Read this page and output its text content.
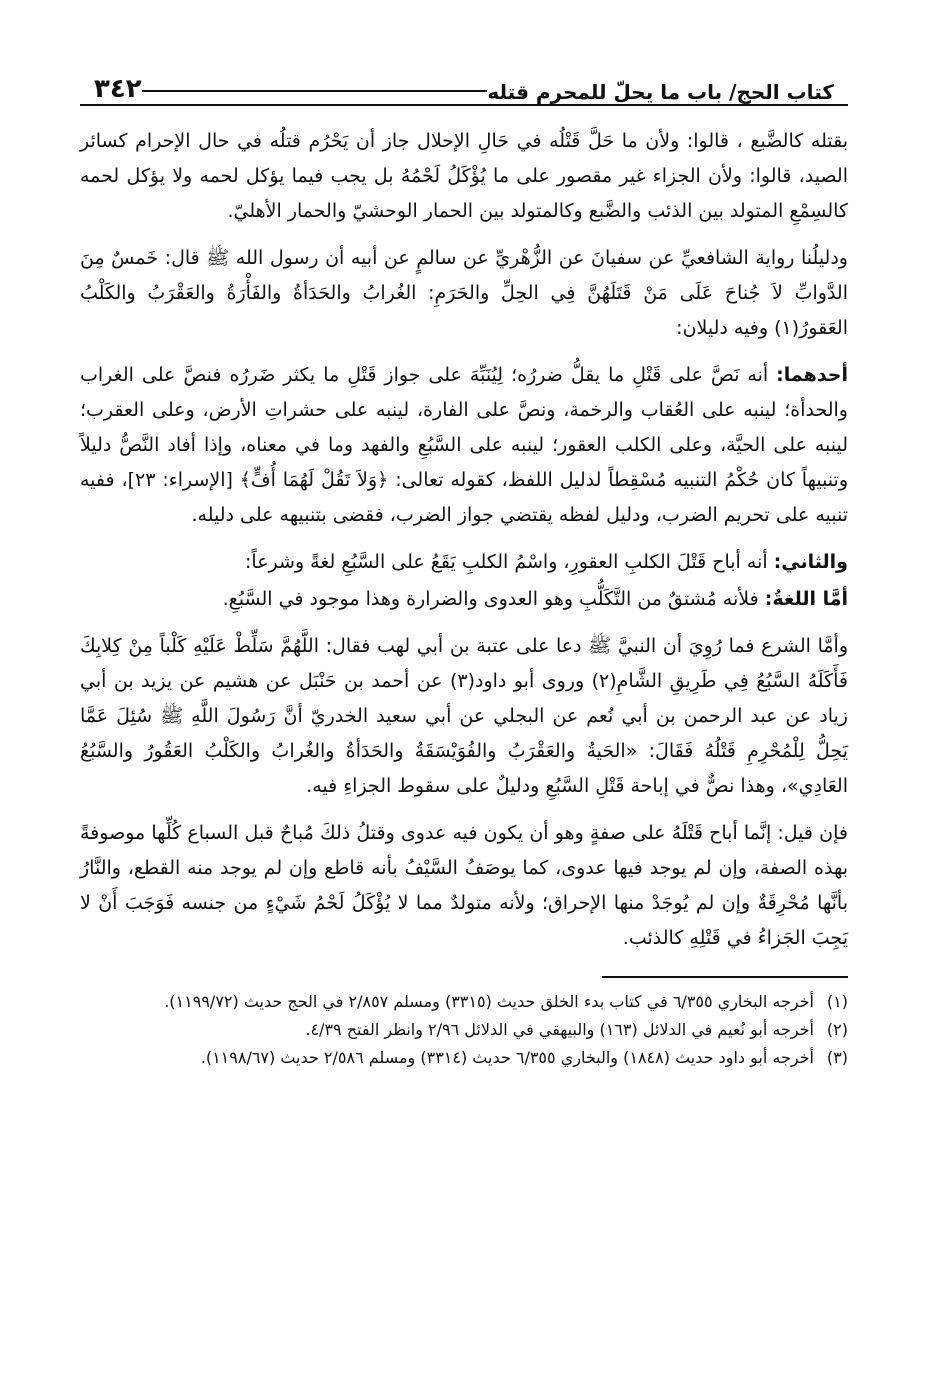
كتاب الحج/ باب ما يحلّ للمحرم قتله
٣٤٢

بقتله كالضَّبع ، قالوا: ولأن ما حَلَّ قَتْلُه في حَالِ الإحلال جاز أن يَحْرُم قتلُه في حال الإحرام كسائر الصيد، قالوا: ولأن الجزاء غير مقصور على ما يُؤْكَلُ لَحْمُهُ بل يجب فيما يؤكل لحمه ولا يؤكل لحمه كالسِمْعِ المتولد بين الذئب والضَّبع وكالمتولد بين الحمار الوحشيّ والحمار الأهليّ.

ودليلُنا رواية الشافعيِّ عن سفيانَ عن الزُّهْريِّ عن سالمٍ عن أبيه أن رسول الله ﷺ قال: خَمسٌ مِنَ الدَّوابِّ لاَ جُناحَ عَلَى مَنْ قَتَلَهُنَّ فِي الحِلِّ والحَرَمِ: الغُرابُ والحَدَأةُ والفَأْرَةُ والعَقْرَبُ والكَلْبُ العَقورُ(١) وفيه دليلان:

أحدهما: أنه نَصَّ على قَتْلِ ما يقلُّ ضررُه؛ لِيُنَبِّهَ على جواز قَتْلِ ما يكثر ضَررُه فنصَّ على الغراب والحدأة؛ لينبه على العُقاب والرخمة، ونصَّ على الفارة، لينبه على حشراتِ الأرض، وعلى العقرب؛ لينبه على الحيَّة، وعلى الكلب العقور؛ لينبه على السَّبُعِ والفهد وما في معناه، وإذا أفاد النَّصُّ دليلاً وتنبيهاً كان حُكْمُ التنبيه مُسْقِطاً لدليل اللفظ، كقوله تعالى: ﴿وَلاَ تَقُلْ لَهُمَا أُفٍّ﴾ [الإسراء: ٢٣]، ففيه تنبيه على تحريم الضرب، ودليل لفظه يقتضي جواز الضرب، فقضى بتنبيهه على دليله.

والثاني: أنه أباح قَتْلَ الكلبِ العقورِ، واسْمُ الكلبِ يَقَعُ على السَّبُعِ لغةً وشرعاً:

أمَّا اللغةُ: فلأنه مُشتقٌ من التَّكَلُّبِ وهو العدوى والضرارة وهذا موجود في السَّبُعِ.

وأمَّا الشرع فما رُوِيَ أن النبيَّ ﷺ دعا على عتبة بن أبي لهب فقال: اللَّهُمَّ سَلِّطْ عَلَيْهِ كَلْباً مِنْ كِلابِكَ فَأَكَلَهُ السَّبُعُ فِي طَرِيقِ الشَّامِ(٢) وروى أبو داود(٣) عن أحمد بن حَنْبَل عن هشيم عن يزيد بن أبي زياد عن عبد الرحمن بن أبي نُعم عن البجلي عن أبي سعيد الخدريّ أنَّ رَسُولَ اللَّهِ ﷺ سُئِلَ عَمَّا يَحِلُّ لِلْمُحْرِمِ قَتْلُهُ فَقَالَ: «الحَيةُ والعَقْرَبُ والفُوَيْسَقَةُ والحَدَأةُ والغُرابُ والكَلْبُ العَقُورُ والسَّبُعُ العَادِي»، وهذا نصٌّ في إباحة قَتْلِ السَّبُعِ ودليلٌ على سقوط الجزاءِ فيه.

فإن قيل: إنَّما أباح قَتْلَهُ على صفةٍ وهو أن يكون فيه عدوى وقتلُ ذلكَ مُباحٌ قبل السباع كُلِّها موصوفةً بهذه الصفة، وإن لم يوجد فيها عدوى، كما يوصَفُ السَّيْفُ بأنه قاطع وإن لم يوجد منه القطع، والنَّارُ بأنَّها مُحْرِقَةٌ وإن لم يُوجَدْ منها الإحراق؛ ولأنه متولدٌ مما لا يُؤْكَلُ لَحْمُ شَيْءٍ من جنسه فَوَجَبَ أَنْ لا يَجِبَ الجَزاءُ في قَتْلِهِ كالذئب.

(١)
أخرجه البخاري ٦/٣٥٥ في كتاب بدء الخلق حديث (٣٣١٥) ومسلم ٢/٨٥٧ في الحج حديث (١١٩٩/٧٢).
(٢)
أخرجه أبو نُعيم في الدلائل (١٦٣) والبيهقي في الدلائل ٢/٩٦ وانظر الفتح ٤/٣٩.
(٣)
أخرجه أبو داود حديث (١٨٤٨) والبخاري ٦/٣٥٥ حديث (٣٣١٤) ومسلم ٢/٥٨٦ حديث (١١٩٨/٦٧).
